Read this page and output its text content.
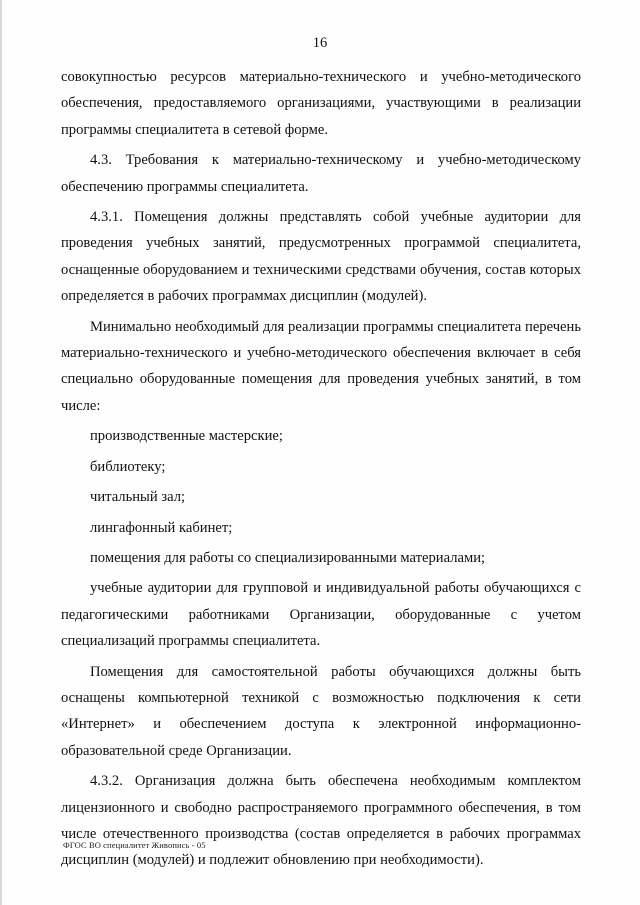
16

совокупностью ресурсов материально-технического и учебно-методического обеспечения, предоставляемого организациями, участвующими в реализации программы специалитета в сетевой форме.

4.3. Требования к материально-техническому и учебно-методическому обеспечению программы специалитета.

4.3.1. Помещения должны представлять собой учебные аудитории для проведения учебных занятий, предусмотренных программой специалитета, оснащенные оборудованием и техническими средствами обучения, состав которых определяется в рабочих программах дисциплин (модулей).

Минимально необходимый для реализации программы специалитета перечень материально-технического и учебно-методического обеспечения включает в себя специально оборудованные помещения для проведения учебных занятий, в том числе:

производственные мастерские;

библиотеку;

читальный зал;

лингафонный кабинет;

помещения для работы со специализированными материалами;

учебные аудитории для групповой и индивидуальной работы обучающихся с педагогическими работниками Организации, оборудованные с учетом специализаций программы специалитета.

Помещения для самостоятельной работы обучающихся должны быть оснащены компьютерной техникой с возможностью подключения к сети «Интернет» и обеспечением доступа к электронной информационно-образовательной среде Организации.

4.3.2. Организация должна быть обеспечена необходимым комплектом лицензионного и свободно распространяемого программного обеспечения, в том числе отечественного производства (состав определяется в рабочих программах дисциплин (модулей) и подлежит обновлению при необходимости).

ФГОС ВО специалитет Живопись - 05
